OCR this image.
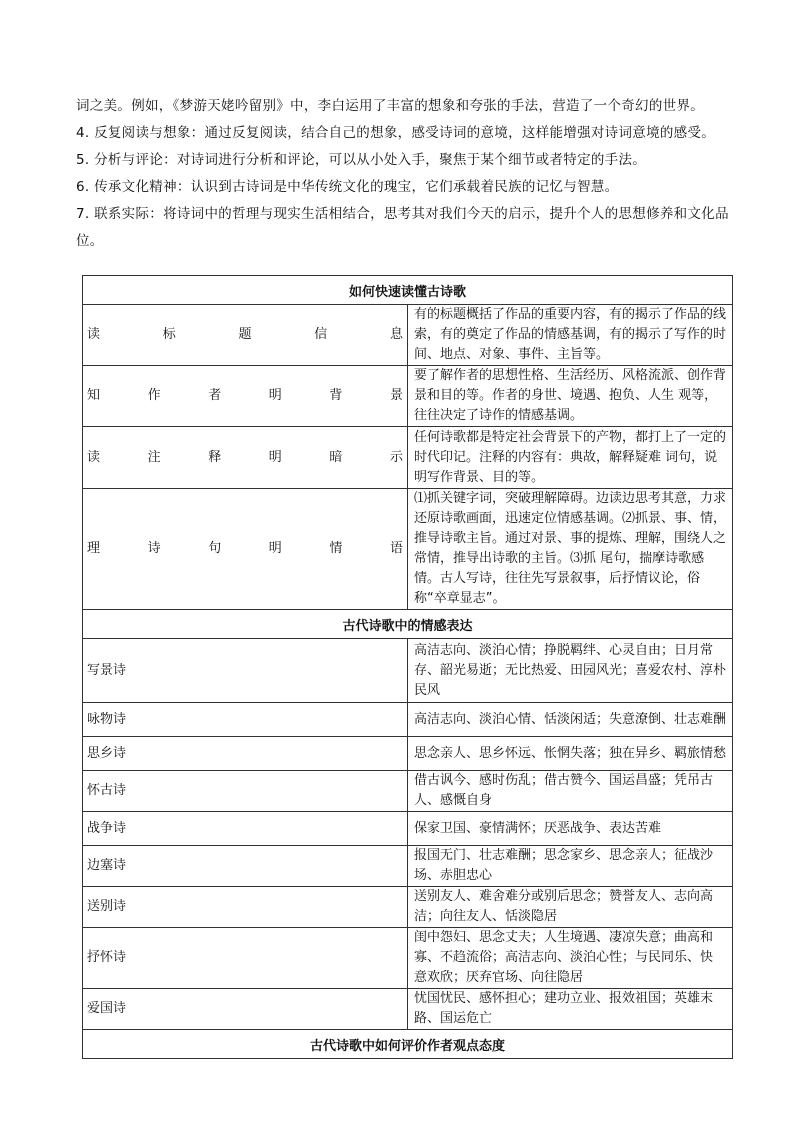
词之美。例如，《梦游天姥吟留别》中，李白运用了丰富的想象和夸张的手法，营造了一个奇幻的世界。
4. 反复阅读与想象：通过反复阅读，结合自己的想象，感受诗词的意境，这样能增强对诗词意境的感受。
5. 分析与评论：对诗词进行分析和评论，可以从小处入手，聚焦于某个细节或者特定的手法。
6. 传承文化精神：认识到古诗词是中华传统文化的瑰宝，它们承载着民族的记忆与智慧。
7. 联系实际：将诗词中的哲理与现实生活相结合，思考其对我们今天的启示，提升个人的思想修养和文化品位。
如何快速读懂古诗歌	
读标题信息	有的标题概括了作品的重要内容，有的揭示了作品的线索，有的奠定了作品的情感基调，有的揭示了写作的时间、地点、对象、事件、主旨等。
知作者明背景	要了解作者的思想性格、生活经历、风格流派、创作背景和目的等。作者的身世、境遇、抱负、人生 观等，往往决定了诗作的情感基调。
读注释明暗示	任何诗歌都是特定社会背景下的产物，都打上了一定的时代印记。注释的内容有：典故，解释疑难 词句，说明写作背景、目的等。
理诗句明情语	⑴抓关键字词，突破理解障碍。边读边思考其意，力求还原诗歌画面，迅速定位情感基调。⑵抓景、事、情，推导诗歌主旨。通过对景、事的提炼、理解，围绕人之常情，推导出诗歌的主旨。⑶抓 尾句，揣摩诗歌感情。古人写诗，往往先写景叙事，后抒情议论，俗称“卒章显志”。
古代诗歌中的情感表达	
写景诗	高洁志向、淡泊心情；挣脱羁绊、心灵自由；日月常存、韶光易逝；无比热爱、田园风光；喜爱农村、淳朴民风
咏物诗	高洁志向、淡泊心情、恬淡闲适；失意潦倒、壮志难酬
思乡诗	思念亲人、思乡怀远、怅惘失落；独在异乡、羁旅情愁
怀古诗	借古讽今、感时伤乱；借古赞今、国运昌盛；凭吊古人、感慨自身
战争诗	保家卫国、豪情满怀；厌恶战争、表达苦难
边塞诗	报国无门、壮志难酬；思念家乡、思念亲人；征战沙场、赤胆忠心
送别诗	送别友人、难舍难分或别后思念；赞誉友人、志向高洁；向往友人、恬淡隐居
抒怀诗	闺中怨妇、思念丈夫；人生境遇、凄凉失意；曲高和寡、不趋流俗；高洁志向、淡泊心性；与民同乐、快 意欢欣；厌弃官场、向往隐居
爱国诗	忧国忧民、感怀担心；建功立业、报效祖国；英雄末路、国运危亡
古代诗歌中如何评价作者观点态度	
